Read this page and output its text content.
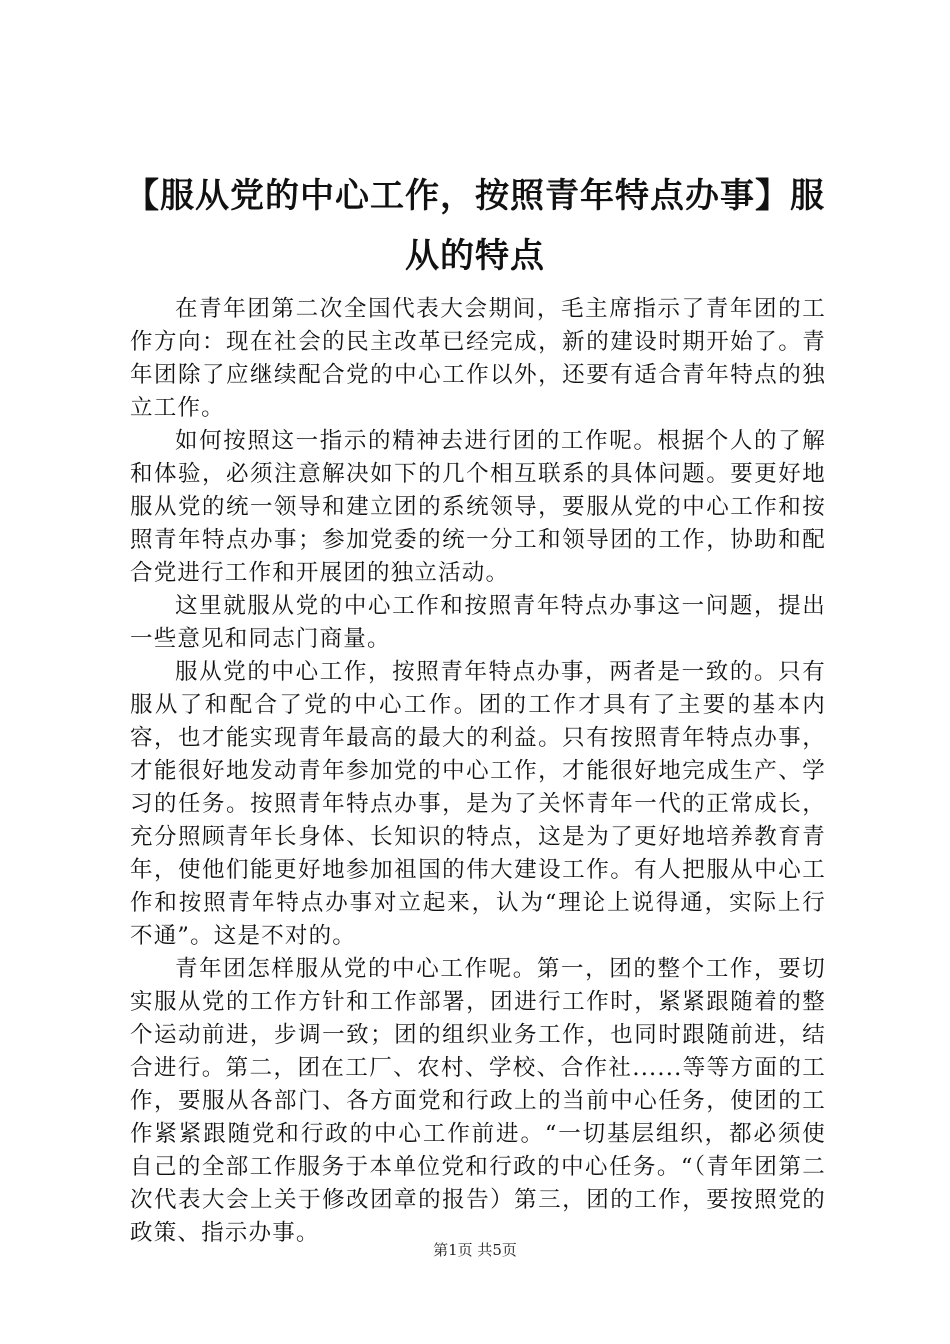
【服从党的中心工作，按照青年特点办事】服从的特点

在青年团第二次全国代表大会期间，毛主席指示了青年团的工作方向：现在社会的民主改革已经完成，新的建设时期开始了。青年团除了应继续配合党的中心工作以外，还要有适合青年特点的独立工作。

如何按照这一指示的精神去进行团的工作呢。根据个人的了解和体验，必须注意解决如下的几个相互联系的具体问题。要更好地服从党的统一领导和建立团的系统领导，要服从党的中心工作和按照青年特点办事；参加党委的统一分工和领导团的工作，协助和配合党进行工作和开展团的独立活动。

这里就服从党的中心工作和按照青年特点办事这一问题，提出一些意见和同志门商量。

服从党的中心工作，按照青年特点办事，两者是一致的。只有服从了和配合了党的中心工作。团的工作才具有了主要的基本内容，也才能实现青年最高的最大的利益。只有按照青年特点办事，才能很好地发动青年参加党的中心工作，才能很好地完成生产、学习的任务。按照青年特点办事，是为了关怀青年一代的正常成长，充分照顾青年长身体、长知识的特点，这是为了更好地培养教育青年，使他们能更好地参加祖国的伟大建设工作。有人把服从中心工作和按照青年特点办事对立起来，认为“理论上说得通，实际上行不通”。这是不对的。

青年团怎样服从党的中心工作呢。第一，团的整个工作，要切实服从党的工作方针和工作部署，团进行工作时，紧紧跟随着的整个运动前进，步调一致；团的组织业务工作，也同时跟随前进，结合进行。第二，团在工厂、农村、学校、合作社......等等方面的工作，要服从各部门、各方面党和行政上的当前中心任务，使团的工作紧紧跟随党和行政的中心工作前进。“一切基层组织，都必须使自己的全部工作服务于本单位党和行政的中心任务。“（青年团第二次代表大会上关于修改团章的报告）第三，团的工作，要按照党的政策、指示办事。

第1页 共5页
